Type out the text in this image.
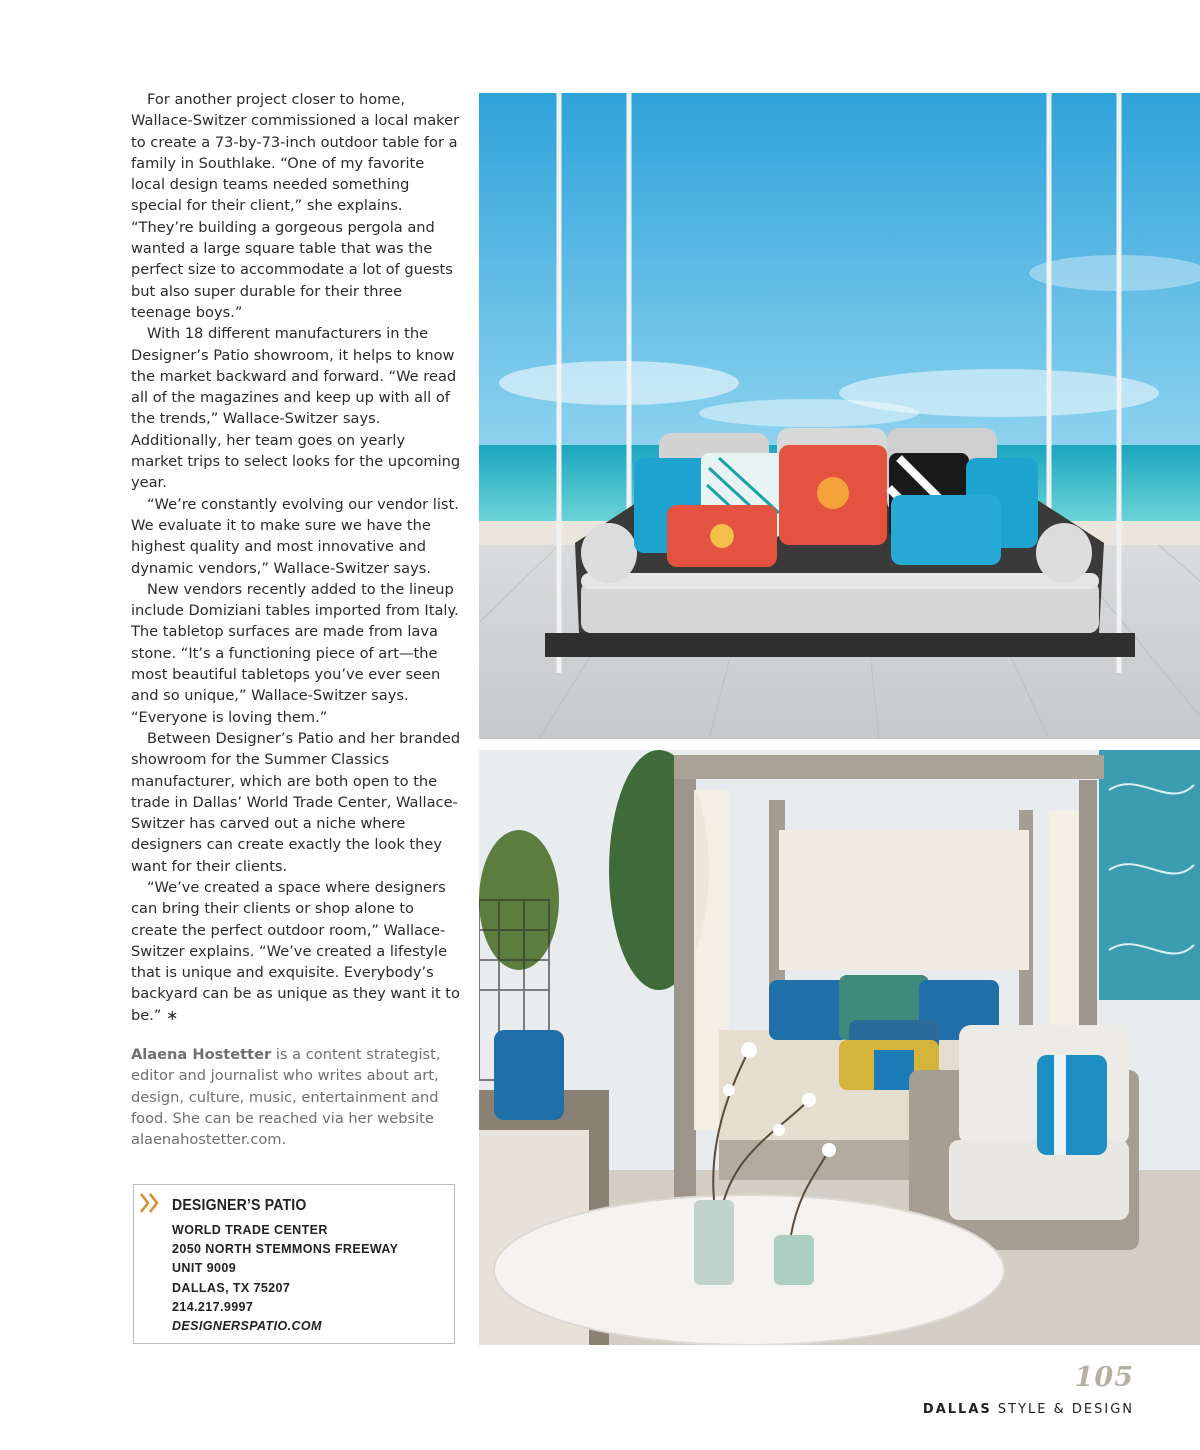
For another project closer to home, Wallace-Switzer commissioned a local maker to create a 73-by-73-inch outdoor table for a family in Southlake. “One of my favorite local design teams needed something special for their client,” she explains. “They’re building a gorgeous pergola and wanted a large square table that was the perfect size to accommodate a lot of guests but also super durable for their three teenage boys.”

With 18 different manufacturers in the Designer’s Patio showroom, it helps to know the market backward and forward. “We read all of the magazines and keep up with all of the trends,” Wallace-Switzer says. Additionally, her team goes on yearly market trips to select looks for the upcoming year.

“We’re constantly evolving our vendor list. We evaluate it to make sure we have the highest quality and most innovative and dynamic vendors,” Wallace-Switzer says.

New vendors recently added to the lineup include Domiziani tables imported from Italy. The tabletop surfaces are made from lava stone. “It’s a functioning piece of art—the most beautiful tabletops you’ve ever seen and so unique,” Wallace-Switzer says. “Everyone is loving them.”

Between Designer’s Patio and her branded showroom for the Summer Classics manufacturer, which are both open to the trade in Dallas’ World Trade Center, Wallace-Switzer has carved out a niche where designers can create exactly the look they want for their clients.

“We’ve created a space where designers can bring their clients or shop alone to create the perfect outdoor room,” Wallace-Switzer explains. “We’ve created a lifestyle that is unique and exquisite. Everybody’s backyard can be as unique as they want it to be.” ∗

Alaena Hostetter is a content strategist, editor and journalist who writes about art, design, culture, music, entertainment and food. She can be reached via her website alaenahostetter.com.
DESIGNER’S PATIO
WORLD TRADE CENTER
2050 NORTH STEMMONS FREEWAY
UNIT 9009
DALLAS, TX 75207
214.217.9997
DESIGNERSPATIO.COM
105
DALLAS STYLE & DESIGN
